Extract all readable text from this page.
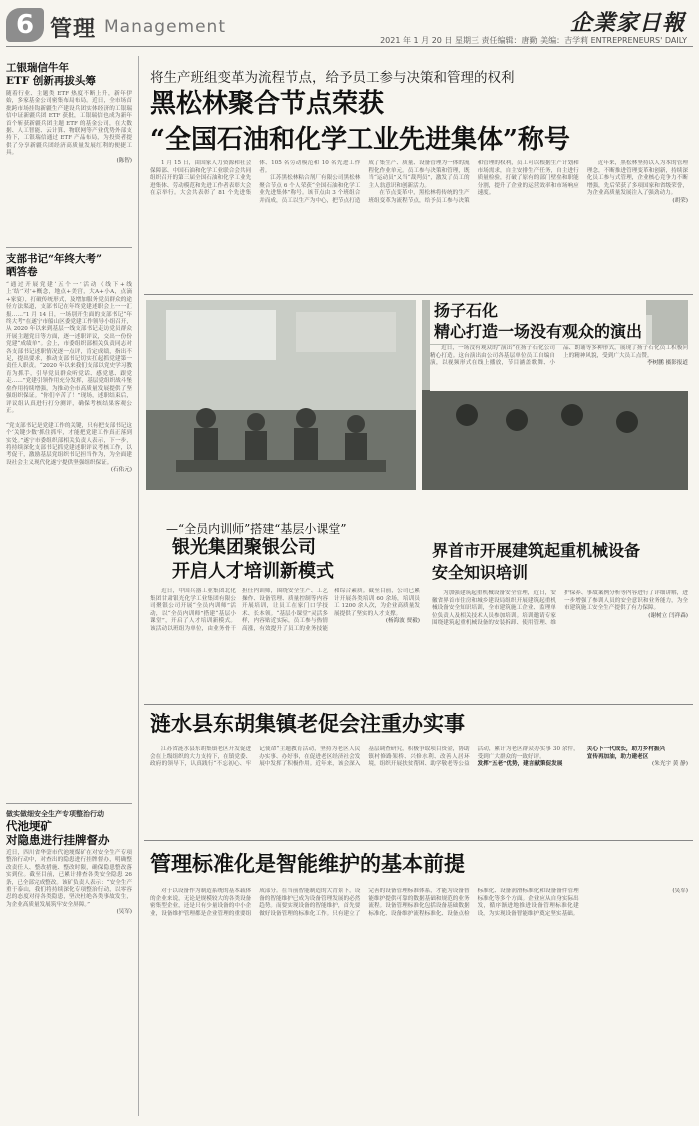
6 管理 Management	企業家日報
2021 年 1 月 20 日 星期三 责任编辑：唐勤 美编：吉学莉 ENTREPRENEURS' DAILY
工银瑞信牛年
ETF 创新再拔头筹
随着行业、主题类 ETF 热度不断上升，新年伊始，多家基金公司密集布局布局。近日，全市场首批跨市场挂钩新疆生产建设兵团实体经济的工银瑞信中证新疆兵团 ETF 获批，工银瑞信也成为新年首个斩获新疆兵团主题 ETF 的基金公司，在大数据、人工智能、云计算、物联网等产业优势外部支持下，工银瑞信通过 ETF 产品布局，为投资者提供了分享新疆兵团经济高质量发展红利的便捷工具。
(陈智)
支部书记“年终大考”
晒答卷
“通过开展党建‘五个一’活动（线下+线上‘结’‘对’+概念，地点+美宫，大A+小A，点滴+家宴），打破传统形式，及增加服务党员群众的途径方法渠道，支部书记在年终党建述职会上一一汇报……”1 月 14 日，一场别开生面的支部书记“年终大考”在遂宁市船山区委党建工作领导小组召开，从 2020 年以来到基层一线支部书记走访党员群众开展主题党日等方面，逐一述职评议，交出一份份党建“成绩单”。会上，市委组织部相关负责同志对各支部书记述职情况逐一点评，肯定成绩，指出不足，提出要求，推动支部书记切实扛起抓党建第一责任人职责。“2020 年以来我们支部以党史学习教育为抓手，引导党员群众听党话、感党恩、跟党走……”党建引领作用充分发挥，基层党组织战斗堡垒作用持续增强，为推动全市高质量发展提供了坚强组织保证。“你们辛苦了！”现场，述职结束后，评议组认真进行打分测评，确保考核结果客观公正。

“党支部书记是党建工作的关键，只有把支部书记这个‘关键少数’抓住抓牢，才能把党建工作真正落到实处。”遂宁市委组织部相关负责人表示，下一步，将持续深化支部书记抓党建述职评议考核工作，以考促干，激励基层党组织书记担当作为，为全面建设社会主义现代化遂宁提供坚强组织保证。
(石佑元)
做实做细安全生产专项整治行动
代池埂矿
对隐患进行挂牌督办
近日，四川省华蓥市代池埂煤矿在对安全生产专项整治行动中，对查出的隐患进行挂牌督办，明确整改责任人、整改措施、整改时限，确保隐患整改落实到位。截至目前，已累计排查各类安全隐患 26 条，已全部完成整改。该矿负责人表示：“安全生产重于泰山，我们将持续深化专项整治行动，以零容忍的态度对待各类隐患，坚决杜绝各类事故发生，为企业高质量发展筑牢安全屏障。”
(吴军)
将生产班组变革为流程节点，给予员工参与决策和管理的权利
黑松林聚合节点荣获
“全国石油和化学工业先进集体”称号

1 月 15 日，由国家人力资源和社会保障部、中国石油和化学工业联合会共同组织召开的第三届全国石油和化学工业先进集体、劳动模范和先进工作者表彰大会在京举行。大会共表彰了 81 个先进集体、105 名劳动模范和 10 名先进工作者。

江苏黑松林粘合剂厂有限公司黑松林聚合节点 6 个人荣获“全国石油和化学工业先进集体”称号。该节点由 3 个班组合并而成，员工以生产为中心，把节点打造成了集生产、质量、设备管理为一体的流程化作业单元。员工参与决策和管理，既当“运动员”又当“裁判员”，激发了员工的主人翁意识和创新活力。

在节点变革中，黑松林将传统的生产班组变革为流程节点，给予员工参与决策和管理的权利，员工可以根据生产计划和市场需求，自主安排生产任务，自主进行质量检验，打破了原有的部门壁垒和职能分割，提升了企业的运营效率和市场响应速度。

近年来，黑松林坚持以人为本的管理理念，不断推进管理变革和创新，持续深化员工参与式管理，企业核心竞争力不断增强，先后荣获了多项国家和省级荣誉，为企业高质量发展注入了强劲动力。

(胡荣)
—“全员内训师”搭建“基层小课堂”
银光集团聚银公司
开启人才培训新模式

近日，中国兵器工业集团北化集团甘肃银光化学工业集团有限公司聚银公司开展“全员内训师”活动，以“全员内训师”搭建“基层小课堂”，开启了人才培训新模式。该活动以班组为单位，由业务骨干担任内训师，围绕安全生产、工艺操作、设备管理、质量控制等内容开展培训，让员工在家门口学技术、长本领。“基层小课堂”灵活多样，内容贴近实际，员工参与热情高涨，有效提升了员工的业务技能和综合素质。截至目前，公司已累计开展各类培训 60 余场，培训员工 1200 余人次，为企业高质量发展提供了坚实的人才支撑。

(杨海波 贾毅)
扬子石化
精心打造一场没有观众的演出

近日，一场没有观众的“演出”在扬子石化公司精心打造。这台演出由公司各基层单位员工自编自演，以视频形式在线上播放，节目涵盖歌舞、小品、朗诵等多种形式，展现了扬子石化员工积极向上的精神风貌，受到广大员工点赞。

李树鹏 摄影报道
界首市开展建筑起重机械设备
安全知识培训

为加强建筑起重机械设备安全管理，近日，安徽省界首市住房和城乡建设局组织开展建筑起重机械设备安全知识培训，全市建筑施工企业、监理单位负责人及相关技术人员参加培训。培训邀请专家围绕建筑起重机械设备的安装拆卸、使用管理、维护保养、事故案例分析等内容进行了详细讲解，进一步增强了参训人员的安全意识和业务能力，为全市建筑施工安全生产提供了有力保障。

(谢树立 闫祥森)
涟水县东胡集镇老促会注重办实事

江苏省涟水县东胡集镇老区开发促进会在上级组织的大力支持下，在镇党委、政府的领导下，认真践行“不忘初心、牢记使命”主题教育活动，坚持为老区人民办实事、办好事，在促进老区经济社会发展中发挥了积极作用。近年来，该会深入基层调查研究，积极争取项目资金，协助镇村修路架桥、兴修水利、改善人居环境，组织开展扶贫帮困、助学敬老等公益活动，累计为老区群众办实事 30 余件，受到广大群众的一致好评。

发挥“五老”优势，建言献策促发展

关心下一代成长，助力乡村振兴

宣传再加油，助力建老区

(朱光宇 黄 静)
管理标准化是智能维护的基本前提

对于以设备作为制造系统的基本载体的企业来说，无论是规模较大的各类设备密集型企业，还是只有少量设备的中小企业，设备维护管理都是企业管理的重要组成部分。在当前智能制造的大背景下，设备的智能维护已成为设备管理发展的必然趋势。而要实现设备的智能维护，首先要做好设备管理的标准化工作。只有建立了完善的设备管理标准体系，才能为设备智能维护提供可靠的数据基础和规范的业务流程。设备管理标准化包括设备基础数据标准化、设备维护流程标准化、设备点检标准化、设备润滑标准化和设备备件管理标准化等多个方面。企业应从自身实际出发，循序渐进地推进设备管理标准化建设，为实现设备智能维护奠定坚实基础。

(吴军)
